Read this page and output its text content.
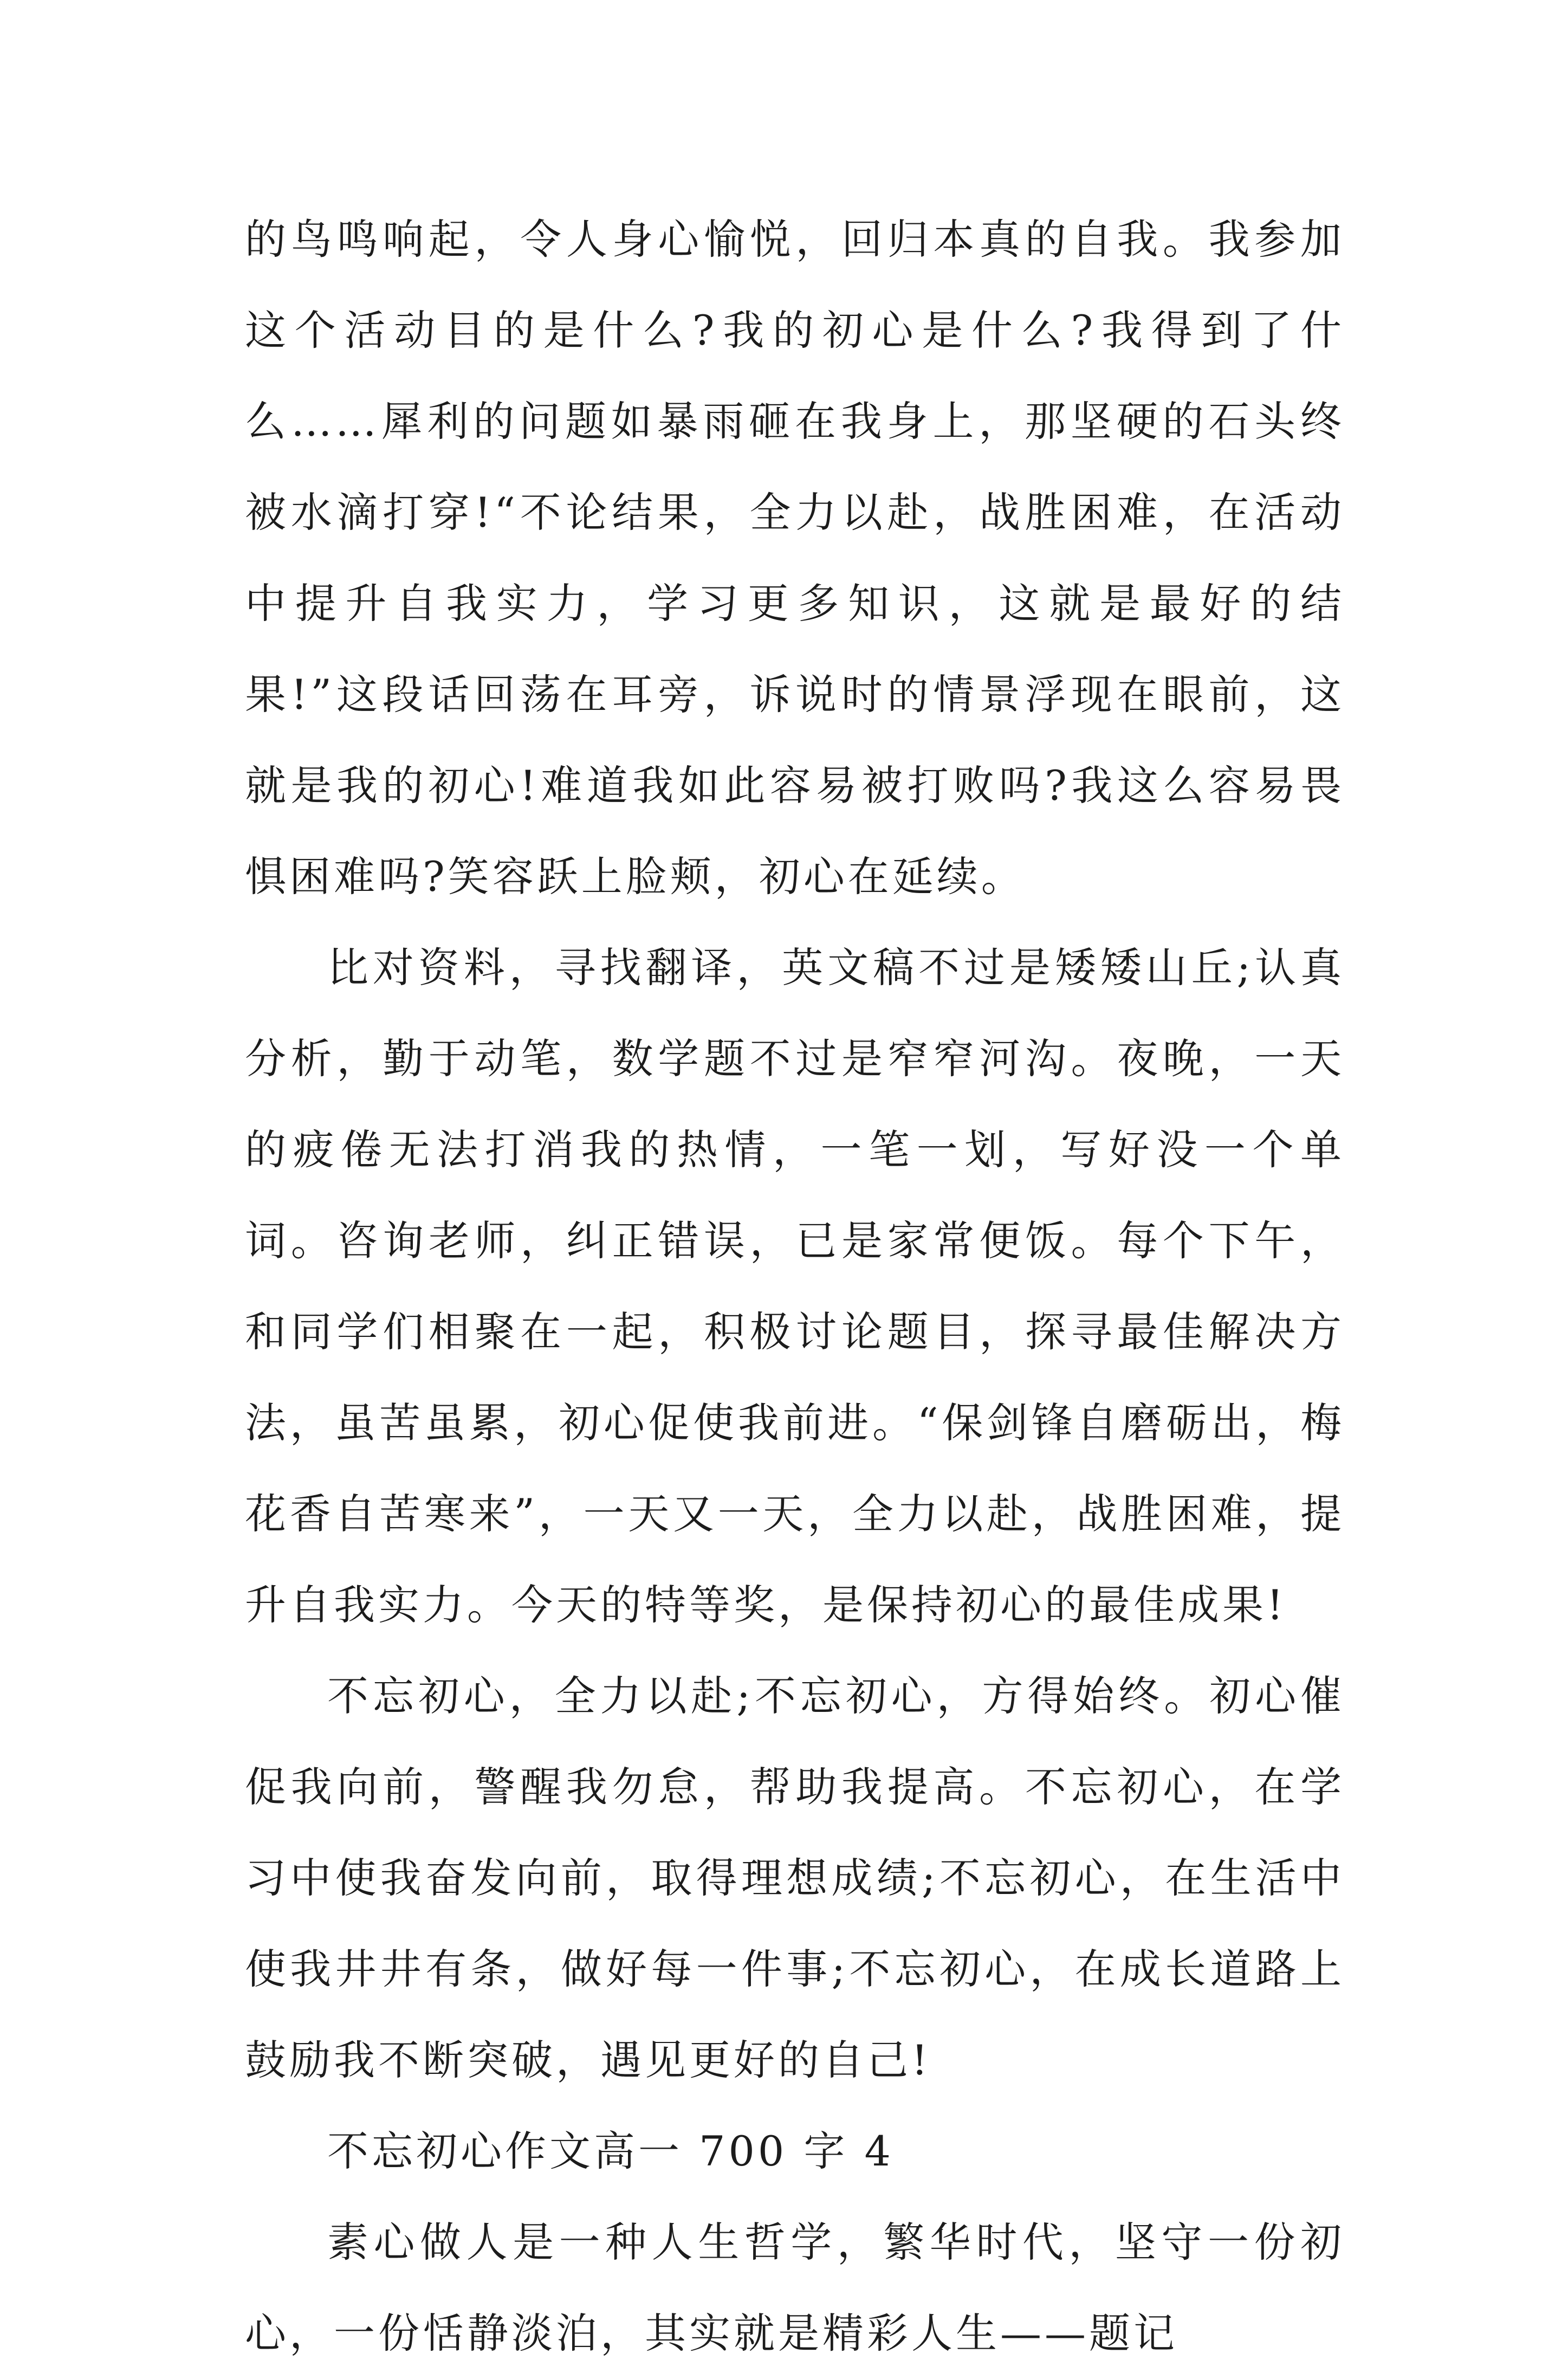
的鸟鸣响起，令人身心愉悦，回归本真的自我。我参加这个活动目的是什么?我的初心是什么?我得到了什么……犀利的问题如暴雨砸在我身上，那坚硬的石头终被水滴打穿!“不论结果，全力以赴，战胜困难，在活动中提升自我实力，学习更多知识，这就是最好的结果!”这段话回荡在耳旁，诉说时的情景浮现在眼前，这就是我的初心!难道我如此容易被打败吗?我这么容易畏惧困难吗?笑容跃上脸颊，初心在延续。

比对资料，寻找翻译，英文稿不过是矮矮山丘;认真分析，勤于动笔，数学题不过是窄窄河沟。夜晚，一天的疲倦无法打消我的热情，一笔一划，写好没一个单词。咨询老师，纠正错误，已是家常便饭。每个下午，和同学们相聚在一起，积极讨论题目，探寻最佳解决方法，虽苦虽累，初心促使我前进。“保剑锋自磨砺出，梅花香自苦寒来”，一天又一天，全力以赴，战胜困难，提升自我实力。今天的特等奖，是保持初心的最佳成果!

不忘初心，全力以赴;不忘初心，方得始终。初心催促我向前，警醒我勿怠，帮助我提高。不忘初心，在学习中使我奋发向前，取得理想成绩;不忘初心，在生活中使我井井有条，做好每一件事;不忘初心，在成长道路上鼓励我不断突破，遇见更好的自己!

不忘初心作文高一 700 字 4

素心做人是一种人生哲学，繁华时代，坚守一份初心，一份恬静淡泊，其实就是精彩人生——题记
